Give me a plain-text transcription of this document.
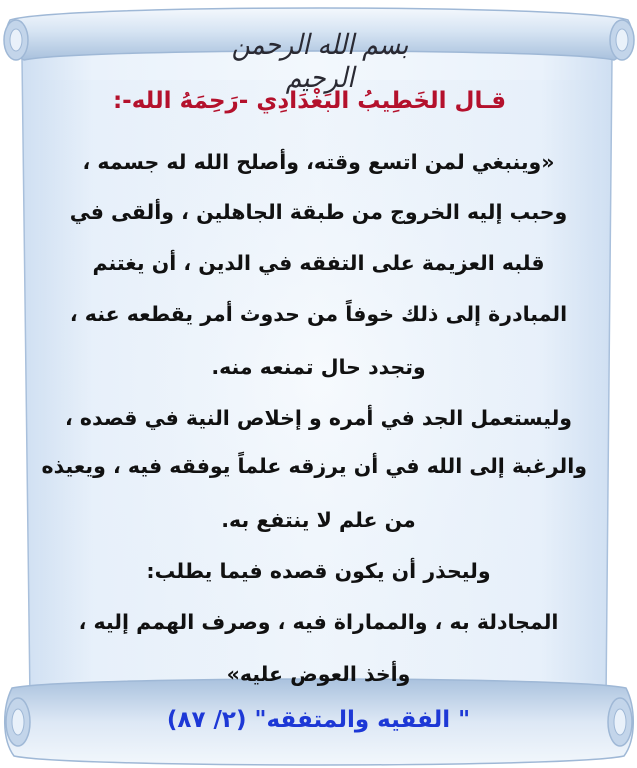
بسم الله الرحمن الرحيم
قـال الخَطِيبُ البَغْدَادِي -رَحِمَهُ الله-:
«وينبغي لمن اتسع وقته، وأصلح الله له جسمه ،
وحبب إليه الخروج من طبقة الجاهلين ، وألقى في
قلبه العزيمة على التفقه في الدين ، أن يغتنم
المبادرة إلى ذلك خوفاً من حدوث أمر يقطعه عنه ،
وتجدد حال تمنعه منه.
وليستعمل الجد في أمره و إخلاص النية في قصده ،
والرغبة إلى الله في أن يرزقه علماً يوفقه فيه ، ويعيذه
من علم لا ينتفع به.
وليحذر أن يكون قصده فيما يطلب:
المجادلة به ، والمماراة فيه ، وصرف الهمم إليه ،
وأخذ العوض عليه»
" الفقيه والمتفقه" (٢/ ٨٧)
